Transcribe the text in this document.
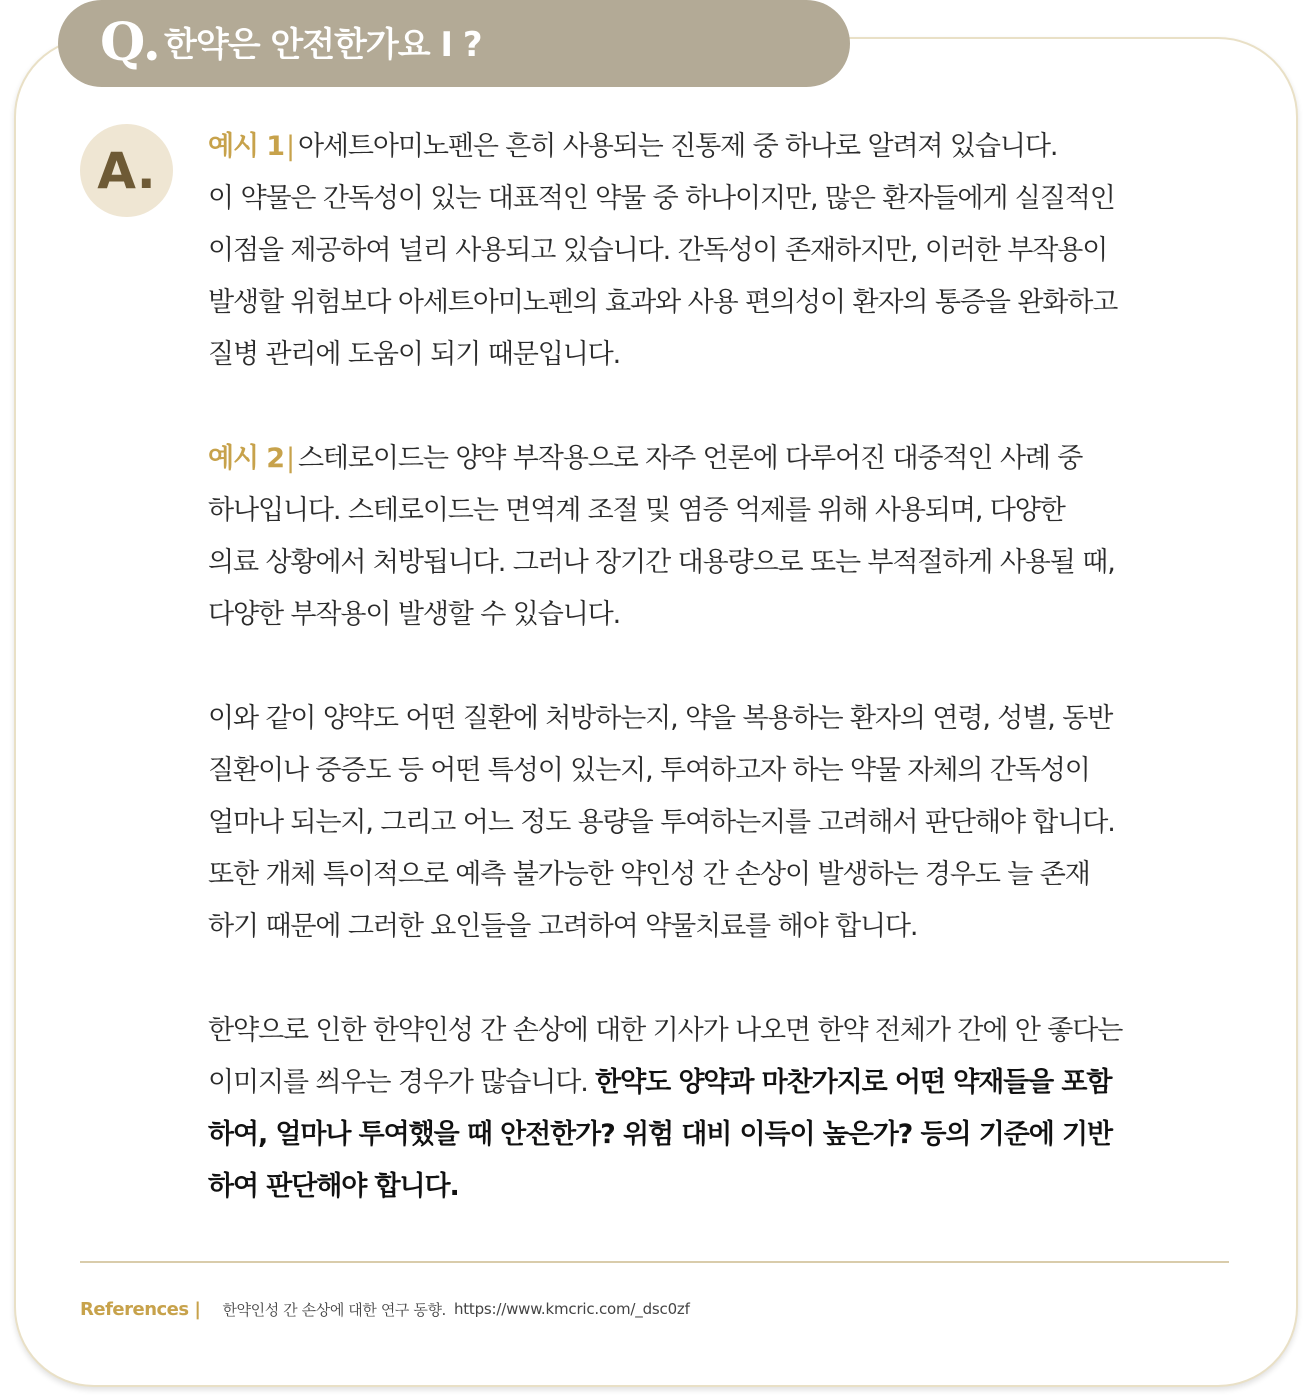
Q. 한약은 안전한가요 I ?
A.	예시 1| 아세트아미노펜은 흔히 사용되는 진통제 중 하나로 알려져 있습니다.
이 약물은 간독성이 있는 대표적인 약물 중 하나이지만, 많은 환자들에게 실질적인
이점을 제공하여 널리 사용되고 있습니다. 간독성이 존재하지만, 이러한 부작용이
발생할 위험보다 아세트아미노펜의 효과와 사용 편의성이 환자의 통증을 완화하고
질병 관리에 도움이 되기 때문입니다.
예시 2| 스테로이드는 양약 부작용으로 자주 언론에 다루어진 대중적인 사례 중
하나입니다. 스테로이드는 면역계 조절 및 염증 억제를 위해 사용되며, 다양한
의료 상황에서 처방됩니다. 그러나 장기간 대용량으로 또는 부적절하게 사용될 때,
다양한 부작용이 발생할 수 있습니다.
이와 같이 양약도 어떤 질환에 처방하는지, 약을 복용하는 환자의 연령, 성별, 동반
질환이나 중증도 등 어떤 특성이 있는지, 투여하고자 하는 약물 자체의 간독성이
얼마나 되는지, 그리고 어느 정도 용량을 투여하는지를 고려해서 판단해야 합니다.
또한 개체 특이적으로 예측 불가능한 약인성 간 손상이 발생하는 경우도 늘 존재
하기 때문에 그러한 요인들을 고려하여 약물치료를 해야 합니다.
한약으로 인한 한약인성 간 손상에 대한 기사가 나오면 한약 전체가 간에 안 좋다는
이미지를 씌우는 경우가 많습니다. 한약도 양약과 마찬가지로 어떤 약재들을 포함
하여, 얼마나 투여했을 때 안전한가? 위험 대비 이득이 높은가? 등의 기준에 기반
하여 판단해야 합니다.
References | 한약인성 간 손상에 대한 연구 동향. https://www.kmcric.com/_dsc0zf
